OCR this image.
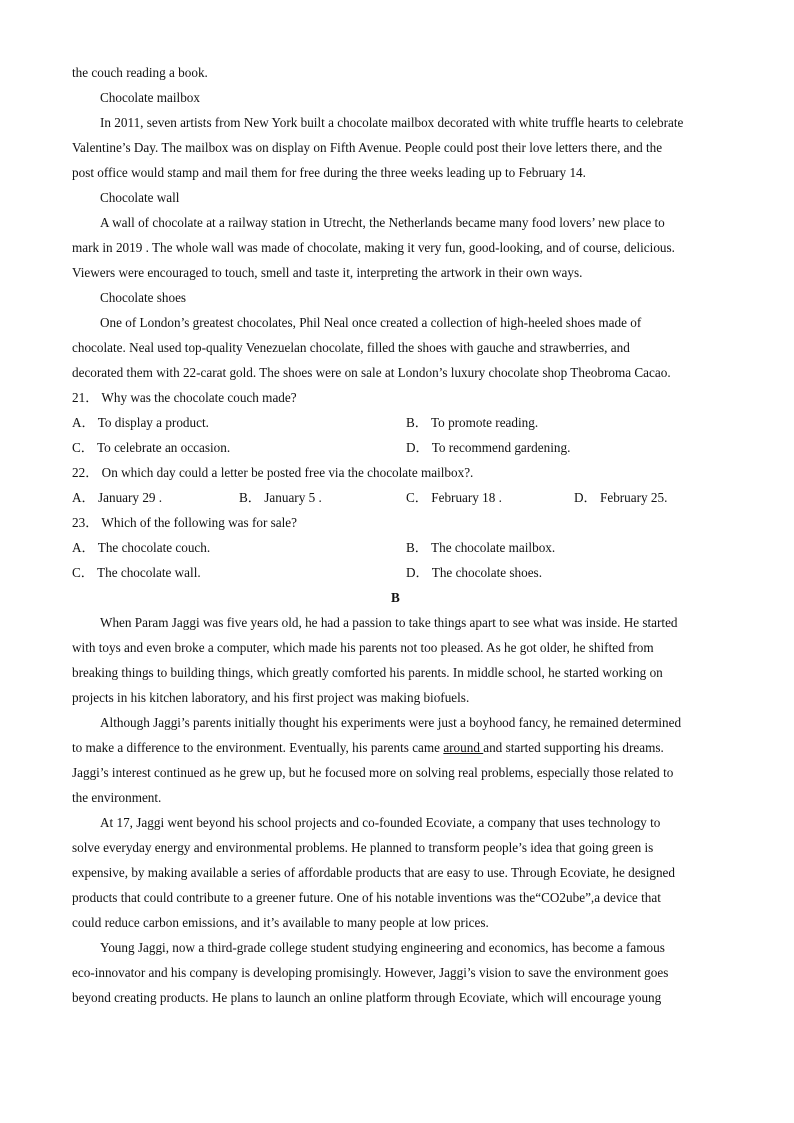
the couch reading a book.
Chocolate mailbox
In 2011, seven artists from New York built a chocolate mailbox decorated with white truffle hearts to celebrate
Valentine’s Day. The mailbox was on display on Fifth Avenue. People could post their love letters there, and the
post office would stamp and mail them for free during the three weeks leading up to February 14.
Chocolate wall
A wall of chocolate at a railway station in Utrecht, the Netherlands became many food lovers’ new place to
mark in 2019 . The whole wall was made of chocolate, making it very fun, good-looking, and of course, delicious.
Viewers were encouraged to touch, smell and taste it, interpreting the artwork in their own ways.
Chocolate shoes
One of London’s greatest chocolates, Phil Neal once created a collection of high-heeled shoes made of
chocolate. Neal used top-quality Venezuelan chocolate, filled the shoes with gauche and strawberries, and
decorated them with 22-carat gold. The shoes were on sale at London’s luxury chocolate shop Theobroma Cacao.
21． Why was the chocolate couch made?
A． To display a product.	B． To promote reading.
C． To celebrate an occasion.	D． To recommend gardening.
22． On which day could a letter be posted free via the chocolate mailbox?.
A． January 29 .	B． January 5 .	C． February 18 .	D． February 25.
23． Which of the following was for sale?
A． The chocolate couch.	B． The chocolate mailbox.
C． The chocolate wall.	D． The chocolate shoes.
B
When Param Jaggi was five years old, he had a passion to take things apart to see what was inside. He started
with toys and even broke a computer, which made his parents not too pleased. As he got older, he shifted from
breaking things to building things, which greatly comforted his parents. In middle school, he started working on
projects in his kitchen laboratory, and his first project was making biofuels.
Although Jaggi’s parents initially thought his experiments were just a boyhood fancy, he remained determined
to make a difference to the environment. Eventually, his parents came around and started supporting his dreams.
Jaggi’s interest continued as he grew up, but he focused more on solving real problems, especially those related to
the environment.
At 17, Jaggi went beyond his school projects and co-founded Ecoviate, a company that uses technology to
solve everyday energy and environmental problems. He planned to transform people’s idea that going green is
expensive, by making available a series of affordable products that are easy to use. Through Ecoviate, he designed
products that could contribute to a greener future. One of his notable inventions was the“CO2ube”,a device that
could reduce carbon emissions, and it’s available to many people at low prices.
Young Jaggi, now a third-grade college student studying engineering and economics, has become a famous
eco-innovator and his company is developing promisingly. However, Jaggi’s vision to save the environment goes
beyond creating products. He plans to launch an online platform through Ecoviate, which will encourage young
